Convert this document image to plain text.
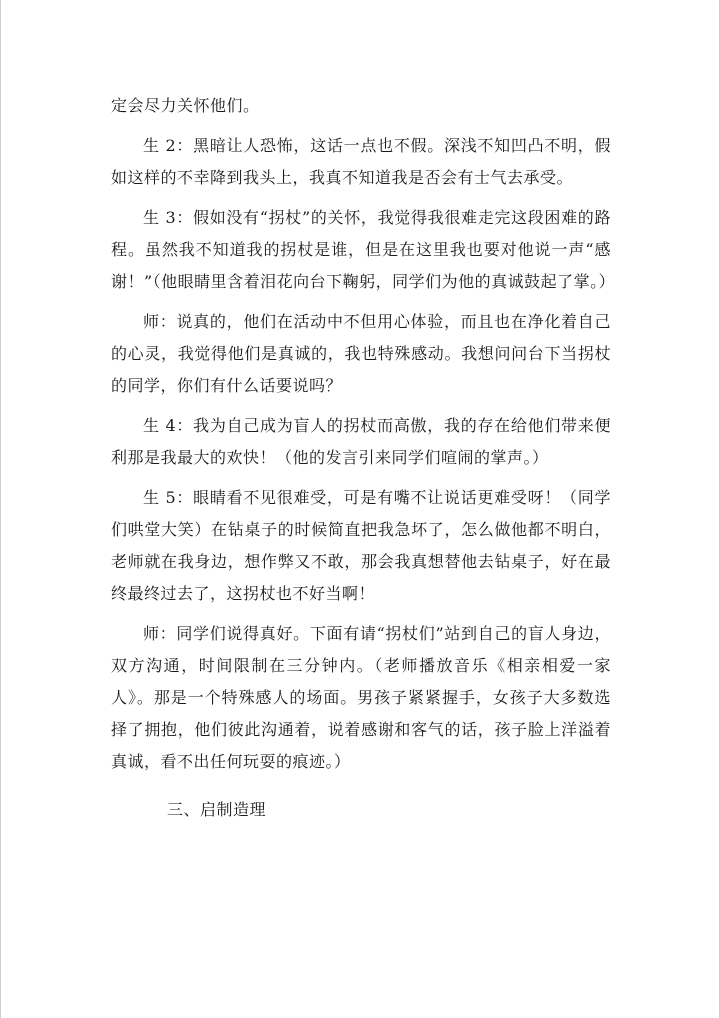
定会尽力关怀他们。

生 2：黑暗让人恐怖，这话一点也不假。深浅不知凹凸不明，假如这样的不幸降到我头上，我真不知道我是否会有士气去承受。

生 3：假如没有“拐杖”的关怀，我觉得我很难走完这段困难的路程。虽然我不知道我的拐杖是谁，但是在这里我也要对他说一声“感谢！”（他眼睛里含着泪花向台下鞠躬，同学们为他的真诚鼓起了掌。）

师：说真的，他们在活动中不但用心体验，而且也在净化着自己的心灵，我觉得他们是真诚的，我也特殊感动。我想问问台下当拐杖的同学，你们有什么话要说吗？

生 4：我为自己成为盲人的拐杖而高傲，我的存在给他们带来便利那是我最大的欢快！（他的发言引来同学们喧闹的掌声。）

生 5：眼睛看不见很难受，可是有嘴不让说话更难受呀！（同学们哄堂大笑）在钻桌子的时候简直把我急坏了，怎么做他都不明白，老师就在我身边，想作弊又不敢，那会我真想替他去钻桌子，好在最终最终过去了，这拐杖也不好当啊！

师：同学们说得真好。下面有请“拐杖们”站到自己的盲人身边，双方沟通，时间限制在三分钟内。（老师播放音乐《相亲相爱一家人》。那是一个特殊感人的场面。男孩子紧紧握手，女孩子大多数选择了拥抱，他们彼此沟通着，说着感谢和客气的话，孩子脸上洋溢着真诚，看不出任何玩耍的痕迹。）

三、启制造理
